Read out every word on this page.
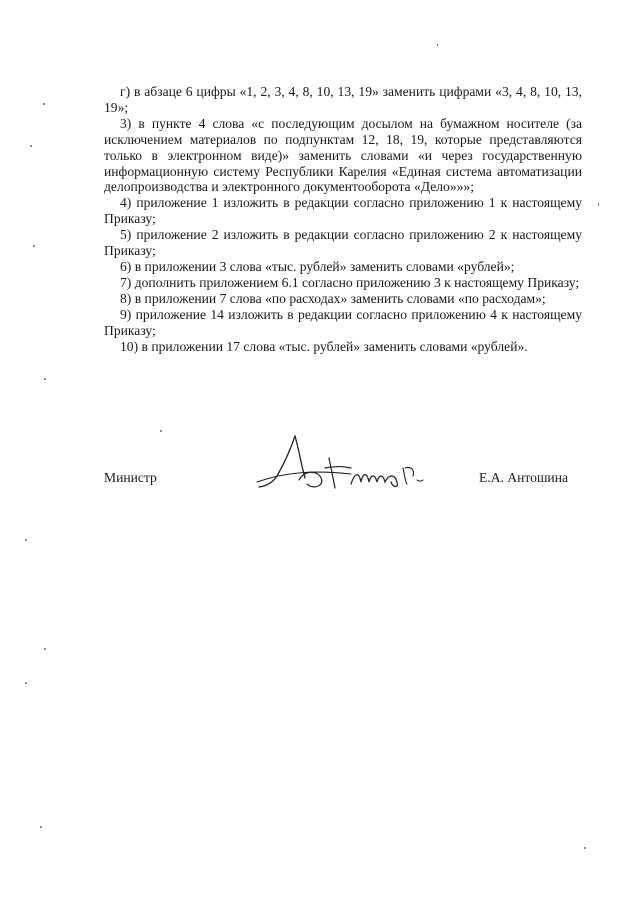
г) в абзаце 6 цифры «1, 2, 3, 4, 8, 10, 13, 19» заменить цифрами «3, 4, 8, 10, 13, 19»;

3) в пункте 4 слова «с последующим досылом на бумажном носителе (за исключением материалов по подпунктам 12, 18, 19, которые представляются только в электронном виде)» заменить словами «и через государственную информационную систему Республики Карелия «Единая система автоматизации делопроизводства и электронного документооборота «Дело»»»;

4) приложение 1 изложить в редакции согласно приложению 1 к настоящему Приказу;

5) приложение 2 изложить в редакции согласно приложению 2 к настоящему Приказу;

6) в приложении 3 слова «тыс. рублей» заменить словами «рублей»;

7) дополнить приложением 6.1 согласно приложению 3 к настоящему Приказу;

8) в приложении 7 слова «по расходах» заменить словами «по расходам»;

9) приложение 14 изложить в редакции согласно приложению 4 к настоящему Приказу;

10) в приложении 17 слова «тыс. рублей» заменить словами «рублей».

Министр	Е.А. Антошина
